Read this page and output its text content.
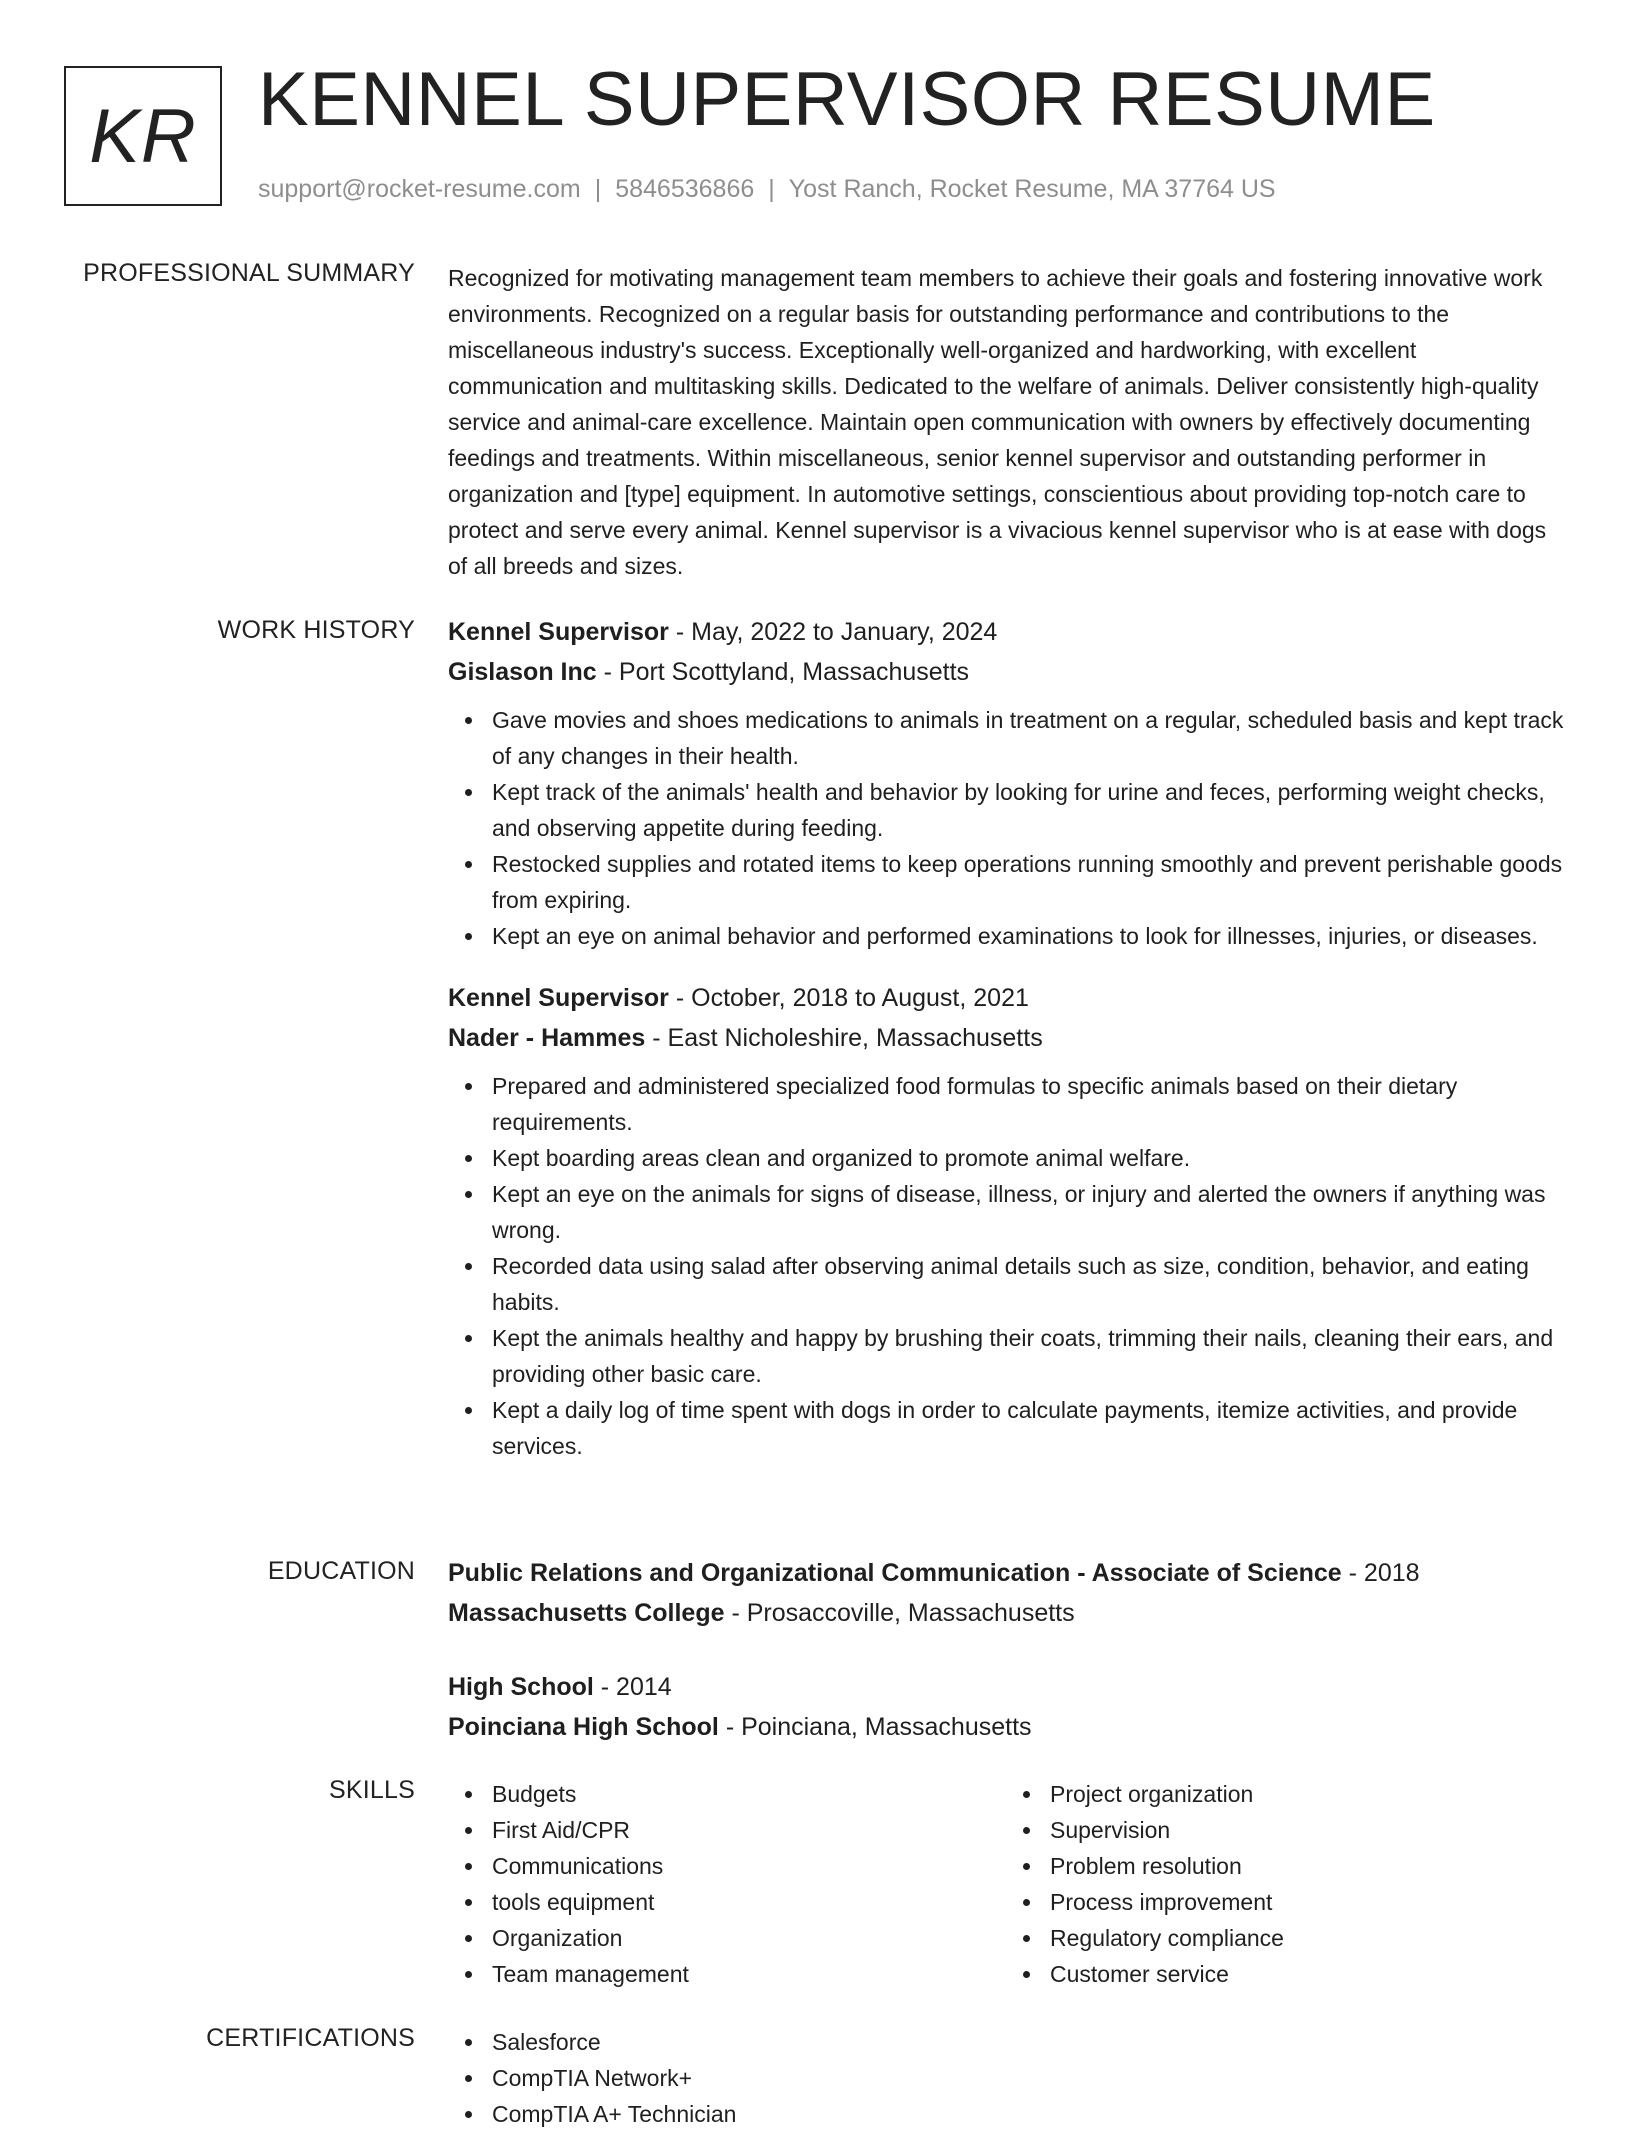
KR KENNEL SUPERVISOR RESUME
support@rocket-resume.com | 5846536866 | Yost Ranch, Rocket Resume, MA 37764 US
PROFESSIONAL SUMMARY Recognized for motivating management team members to achieve their goals and fostering innovative work environments. Recognized on a regular basis for outstanding performance and contributions to the miscellaneous industry's success. Exceptionally well-organized and hardworking, with excellent communication and multitasking skills. Dedicated to the welfare of animals. Deliver consistently high-quality service and animal-care excellence. Maintain open communication with owners by effectively documenting feedings and treatments. Within miscellaneous, senior kennel supervisor and outstanding performer in organization and [type] equipment. In automotive settings, conscientious about providing top-notch care to protect and serve every animal. Kennel supervisor is a vivacious kennel supervisor who is at ease with dogs of all breeds and sizes.

WORK HISTORY Kennel Supervisor - May, 2022 to January, 2024
Gislason Inc - Port Scottyland, Massachusetts
Gave movies and shoes medications to animals in treatment on a regular, scheduled basis and kept track of any changes in their health.
Kept track of the animals' health and behavior by looking for urine and feces, performing weight checks, and observing appetite during feeding.
Restocked supplies and rotated items to keep operations running smoothly and prevent perishable goods from expiring.
Kept an eye on animal behavior and performed examinations to look for illnesses, injuries, or diseases.
Kennel Supervisor - October, 2018 to August, 2021
Nader - Hammes - East Nicholeshire, Massachusetts
Prepared and administered specialized food formulas to specific animals based on their dietary requirements.
Kept boarding areas clean and organized to promote animal welfare.
Kept an eye on the animals for signs of disease, illness, or injury and alerted the owners if anything was wrong.
Recorded data using salad after observing animal details such as size, condition, behavior, and eating habits.
Kept the animals healthy and happy by brushing their coats, trimming their nails, cleaning their ears, and providing other basic care.
Kept a daily log of time spent with dogs in order to calculate payments, itemize activities, and provide services.
EDUCATION Public Relations and Organizational Communication - Associate of Science - 2018
Massachusetts College - Prosaccoville, Massachusetts
High School - 2014
Poinciana High School - Poinciana, Massachusetts
SKILLS	Budgets
First Aid/CPR
Communications
tools equipment
Organization
Team management
Project organization
Supervision
Problem resolution
Process improvement
Regulatory compliance
Customer service
CERTIFICATIONS	Salesforce
CompTIA Network+
CompTIA A+ Technician
